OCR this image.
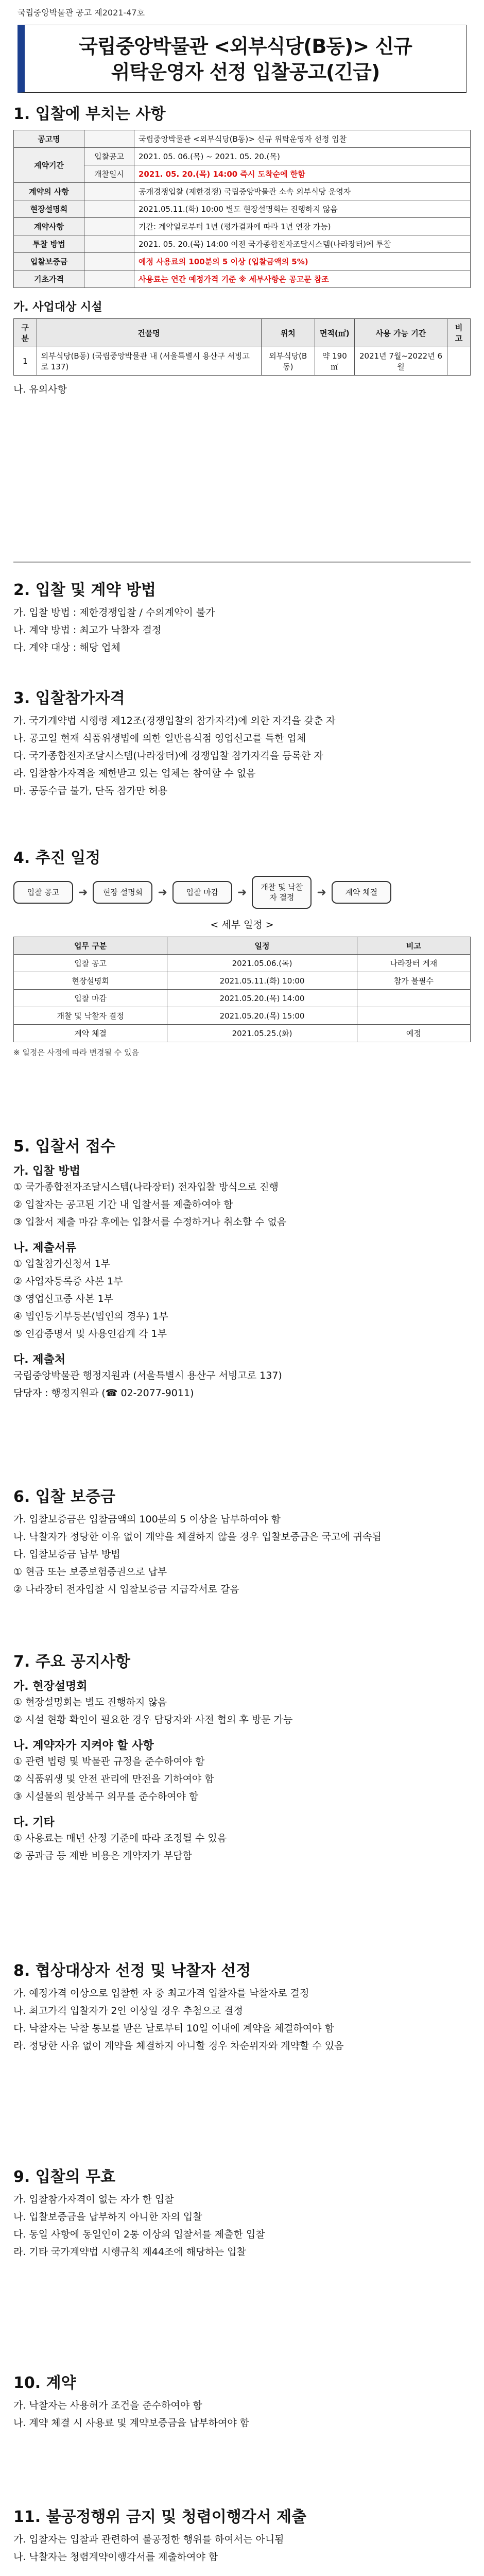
국립중앙박물관 공고 제2021-47호
국립중앙박물관 <외부식당(B동)> 신규
위탁운영자 선정 입찰공고(긴급)

1. 입찰에 부치는 사항

공고명		국립중앙박물관 <외부식당(B동)> 신규 위탁운영자 선정 입찰
계약기간	입찰공고	2021. 05. 06.(목) ~ 2021. 05. 20.(목)
	개찰일시	2021. 05. 20.(목) 14:00 즉시 도착순에 한함
계약의 사항		공개경쟁입찰 (제한경쟁) 국립중앙박물관 소속 외부식당 운영자
현장설명회		2021.05.11.(화) 10:00 별도 현장설명회는 진행하지 않음
계약사항		기간: 계약일로부터 1년 (평가결과에 따라 1년 연장 가능)
투찰 방법		2021. 05. 20.(목) 14:00 이전 국가종합전자조달시스템(나라장터)에 투찰
입찰보증금		예정 사용료의 100분의 5 이상 (입찰금액의 5%)
기초가격		사용료는 연간 예정가격 기준 ※ 세부사항은 공고문 참조

가. 사업대상 시설

구분	건물명	위치	면적(㎡)	사용 가능 기간	비고
1	외부식당(B동) (국립중앙박물관 내 (서울특별시 용산구 서빙고로 137)	외부식당(B동)	약 190㎡	2021년 7월~2022년 6월	

나. 유의사항

2. 입찰 및 계약 방법

가. 입찰 방법 : 제한경쟁입찰 / 수의계약이 불가

나. 계약 방법 : 최고가 낙찰자 결정

다. 계약 대상 : 해당 업체

3. 입찰참가자격

가. 국가계약법 시행령 제12조(경쟁입찰의 참가자격)에 의한 자격을 갖춘 자

나. 공고일 현재 식품위생법에 의한 일반음식점 영업신고를 득한 업체

다. 국가종합전자조달시스템(나라장터)에 경쟁입찰 참가자격을 등록한 자

라. 입찰참가자격을 제한받고 있는 업체는 참여할 수 없음

마. 공동수급 불가, 단독 참가만 허용

4. 추진 일정

입찰 공고	➜	현장 설명회	➜	입찰 마감	➜	개찰 및 낙찰자 결정	➜	계약 체결

< 세부 일정 >

업무 구분	일정	비고
입찰 공고	2021.05.06.(목)	나라장터 게재
현장설명회	2021.05.11.(화) 10:00	참가 불필수
입찰 마감	2021.05.20.(목) 14:00	
개찰 및 낙찰자 결정	2021.05.20.(목) 15:00	
계약 체결	2021.05.25.(화)	예정

※ 일정은 사정에 따라 변경될 수 있음

5. 입찰서 접수

가. 입찰 방법

① 국가종합전자조달시스템(나라장터) 전자입찰 방식으로 진행

② 입찰자는 공고된 기간 내 입찰서를 제출하여야 함

③ 입찰서 제출 마감 후에는 입찰서를 수정하거나 취소할 수 없음

나. 제출서류

① 입찰참가신청서 1부

② 사업자등록증 사본 1부

③ 영업신고증 사본 1부

④ 법인등기부등본(법인의 경우) 1부

⑤ 인감증명서 및 사용인감계 각 1부

다. 제출처

국립중앙박물관 행정지원과 (서울특별시 용산구 서빙고로 137)

담당자 : 행정지원과 (☎ 02-2077-9011)

6. 입찰 보증금

가. 입찰보증금은 입찰금액의 100분의 5 이상을 납부하여야 함

나. 낙찰자가 정당한 이유 없이 계약을 체결하지 않을 경우 입찰보증금은 국고에 귀속됨

다. 입찰보증금 납부 방법

① 현금 또는 보증보험증권으로 납부

② 나라장터 전자입찰 시 입찰보증금 지급각서로 갈음

7. 주요 공지사항

가. 현장설명회

① 현장설명회는 별도 진행하지 않음

② 시설 현황 확인이 필요한 경우 담당자와 사전 협의 후 방문 가능

나. 계약자가 지켜야 할 사항

① 관련 법령 및 박물관 규정을 준수하여야 함

② 식품위생 및 안전 관리에 만전을 기하여야 함

③ 시설물의 원상복구 의무를 준수하여야 함

다. 기타

① 사용료는 매년 산정 기준에 따라 조정될 수 있음

② 공과금 등 제반 비용은 계약자가 부담함

8. 협상대상자 선정 및 낙찰자 선정

가. 예정가격 이상으로 입찰한 자 중 최고가격 입찰자를 낙찰자로 결정

나. 최고가격 입찰자가 2인 이상일 경우 추첨으로 결정

다. 낙찰자는 낙찰 통보를 받은 날로부터 10일 이내에 계약을 체결하여야 함

라. 정당한 사유 없이 계약을 체결하지 아니할 경우 차순위자와 계약할 수 있음

9. 입찰의 무효

가. 입찰참가자격이 없는 자가 한 입찰

나. 입찰보증금을 납부하지 아니한 자의 입찰

다. 동일 사항에 동일인이 2통 이상의 입찰서를 제출한 입찰

라. 기타 국가계약법 시행규칙 제44조에 해당하는 입찰

10. 계약

가. 낙찰자는 사용허가 조건을 준수하여야 함

나. 계약 체결 시 사용료 및 계약보증금을 납부하여야 함

11. 불공정행위 금지 및 청렴이행각서 제출

가. 입찰자는 입찰과 관련하여 불공정한 행위를 하여서는 아니됨

나. 낙찰자는 청렴계약이행각서를 제출하여야 함
